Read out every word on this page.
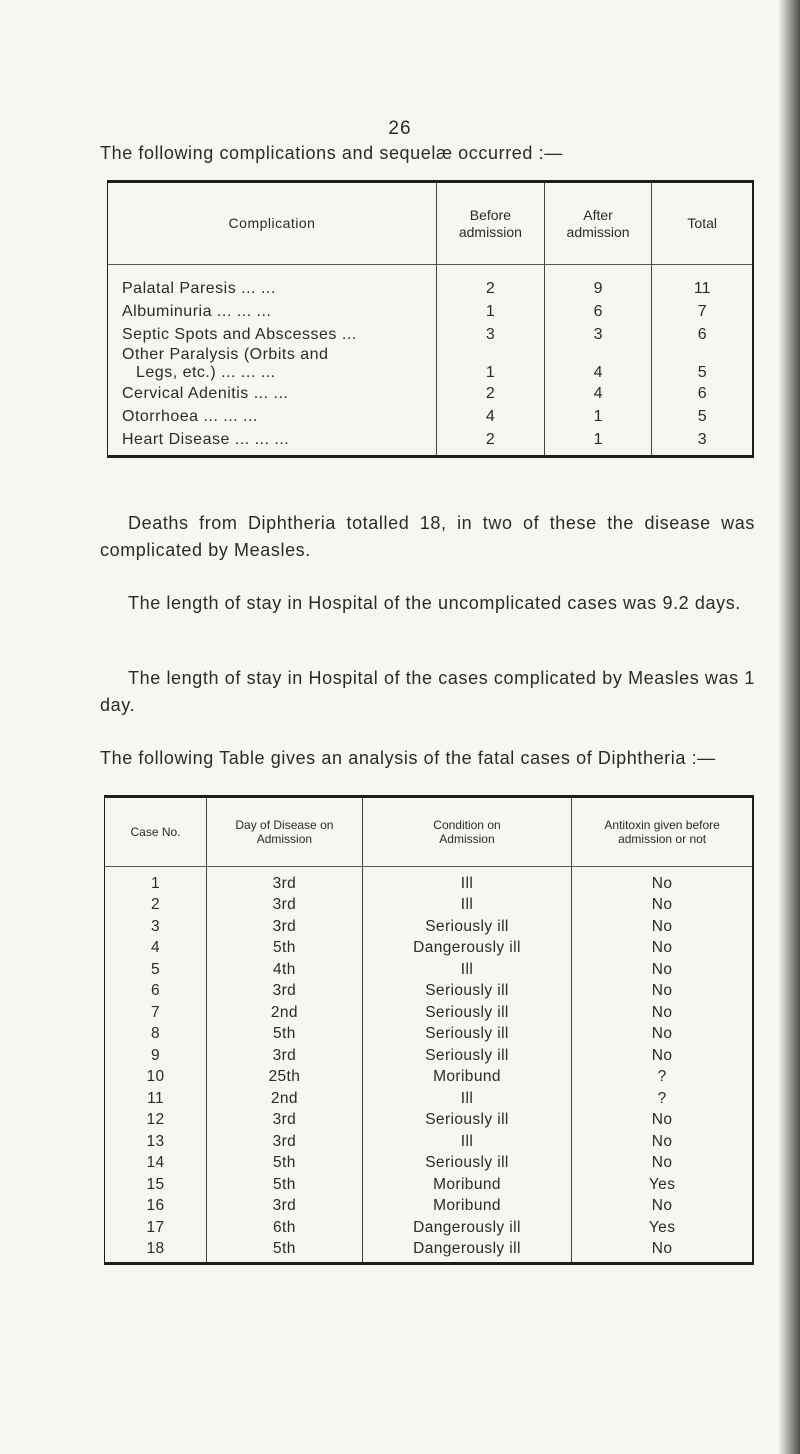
26
The following complications and sequelæ occurred :—
Complication	Before admission	After admission	Total
Palatal Paresis ... ...	2	9	11
Albuminuria ... ... ...	1	6	7
Septic Spots and Abscesses ...	3	3	6

Other Paralysis (Orbits and
Legs, etc.) ... ... ...	1	4	5
Cervical Adenitis ... ...	2	4	6
Otorrhoea ... ... ...	4	1	5
Heart Disease ... ... ...	2	1	3
Deaths from Diphtheria totalled 18, in two of these the disease was complicated by Measles.
The length of stay in Hospital of the uncomplicated cases was 9.2 days.
The length of stay in Hospital of the cases complicated by Measles was 1 day.
The following Table gives an analysis of the fatal cases of Diphtheria :—
Case No.	Day of Disease on Admission	Condition on Admission	Antitoxin given before admission or not
1	3rd	Ill	No
2	3rd	Ill	No
3	3rd	Seriously ill	No
4	5th	Dangerously ill	No
5	4th	Ill	No
6	3rd	Seriously ill	No
7	2nd	Seriously ill	No
8	5th	Seriously ill	No
9	3rd	Seriously ill	No
10	25th	Moribund	?
11	2nd	Ill	?
12	3rd	Seriously ill	No
13	3rd	Ill	No
14	5th	Seriously ill	No
15	5th	Moribund	Yes
16	3rd	Moribund	No
17	6th	Dangerously ill	Yes
18	5th	Dangerously ill	No
